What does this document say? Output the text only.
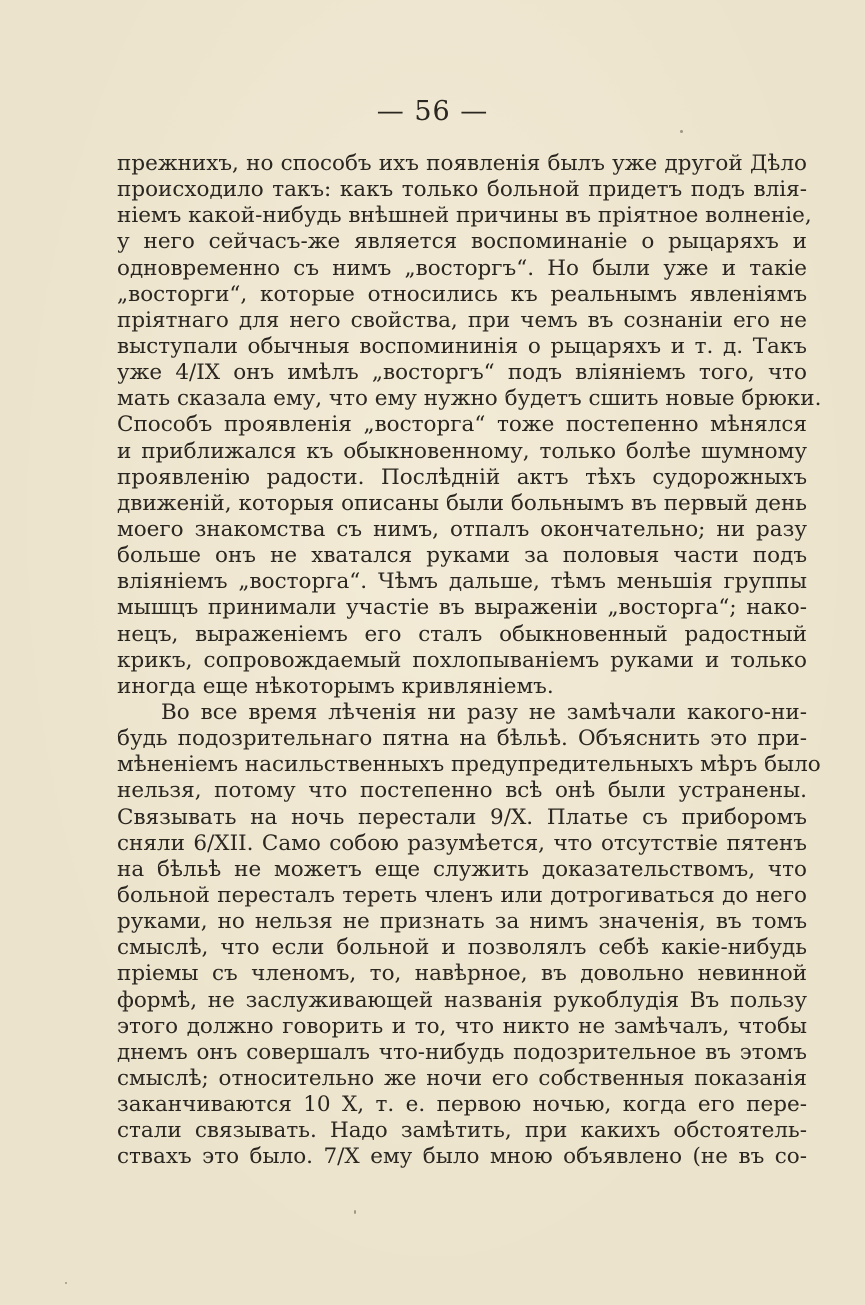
— 56 —
прежнихъ, но способъ ихъ появленія былъ уже другой Дѣло
происходило такъ: какъ только больной придетъ подъ влія-
ніемъ какой-нибудь внѣшней причины въ пріятное волненіе,
у него сейчасъ-же является воспоминаніе о рыцаряхъ и
одновременно съ нимъ „восторгъ“. Но были уже и такіе
„восторги“, которые относились къ реальнымъ явленіямъ
пріятнаго для него свойства, при чемъ въ сознаніи его не
выступали обычныя воспомининія о рыцаряхъ и т. д. Такъ
уже 4/IX онъ имѣлъ „восторгъ“ подъ вліяніемъ того, что
мать сказала ему, что ему нужно будетъ сшить новые брюки.
Способъ проявленія „восторга“ тоже постепенно мѣнялся
и приближался къ обыкновенному, только болѣе шумному
проявленію радости. Послѣдній актъ тѣхъ судорожныхъ
движеній, которыя описаны были больнымъ въ первый день
моего знакомства съ нимъ, отпалъ окончательно; ни разу
больше онъ не хватался руками за половыя части подъ
вліяніемъ „восторга“. Чѣмъ дальше, тѣмъ меньшія группы
мышцъ принимали участіе въ выраженіи „восторга“; нако-
нецъ, выраженіемъ его сталъ обыкновенный радостный
крикъ, сопровождаемый похлопываніемъ руками и только
иногда еще нѣкоторымъ кривляніемъ.
Во все время лѣченія ни разу не замѣчали какого-ни-
будь подозрительнаго пятна на бѣльѣ. Объяснить это при-
мѣненіемъ насильственныхъ предупредительныхъ мѣръ было
нельзя, потому что постепенно всѣ онѣ были устранены.
Связывать на ночь перестали 9/X. Платье съ приборомъ
сняли 6/XII. Само собою разумѣется, что отсутствіе пятенъ
на бѣльѣ не можетъ еще служить доказательствомъ, что
больной пересталъ тереть членъ или дотрогиваться до него
руками, но нельзя не признать за нимъ значенія, въ томъ
смыслѣ, что если больной и позволялъ себѣ какіе-нибудь
пріемы съ членомъ, то, навѣрное, въ довольно невинной
формѣ, не заслуживающей названія рукоблудія Въ пользу
этого должно говорить и то, что никто не замѣчалъ, чтобы
днемъ онъ совершалъ что-нибудь подозрительное въ этомъ
смыслѣ; относительно же ночи его собственныя показанія
заканчиваются 10 X, т. е. первою ночью, когда его пере-
стали связывать. Надо замѣтить, при какихъ обстоятель-
ствахъ это было. 7/X ему было мною объявлено (не въ со-
